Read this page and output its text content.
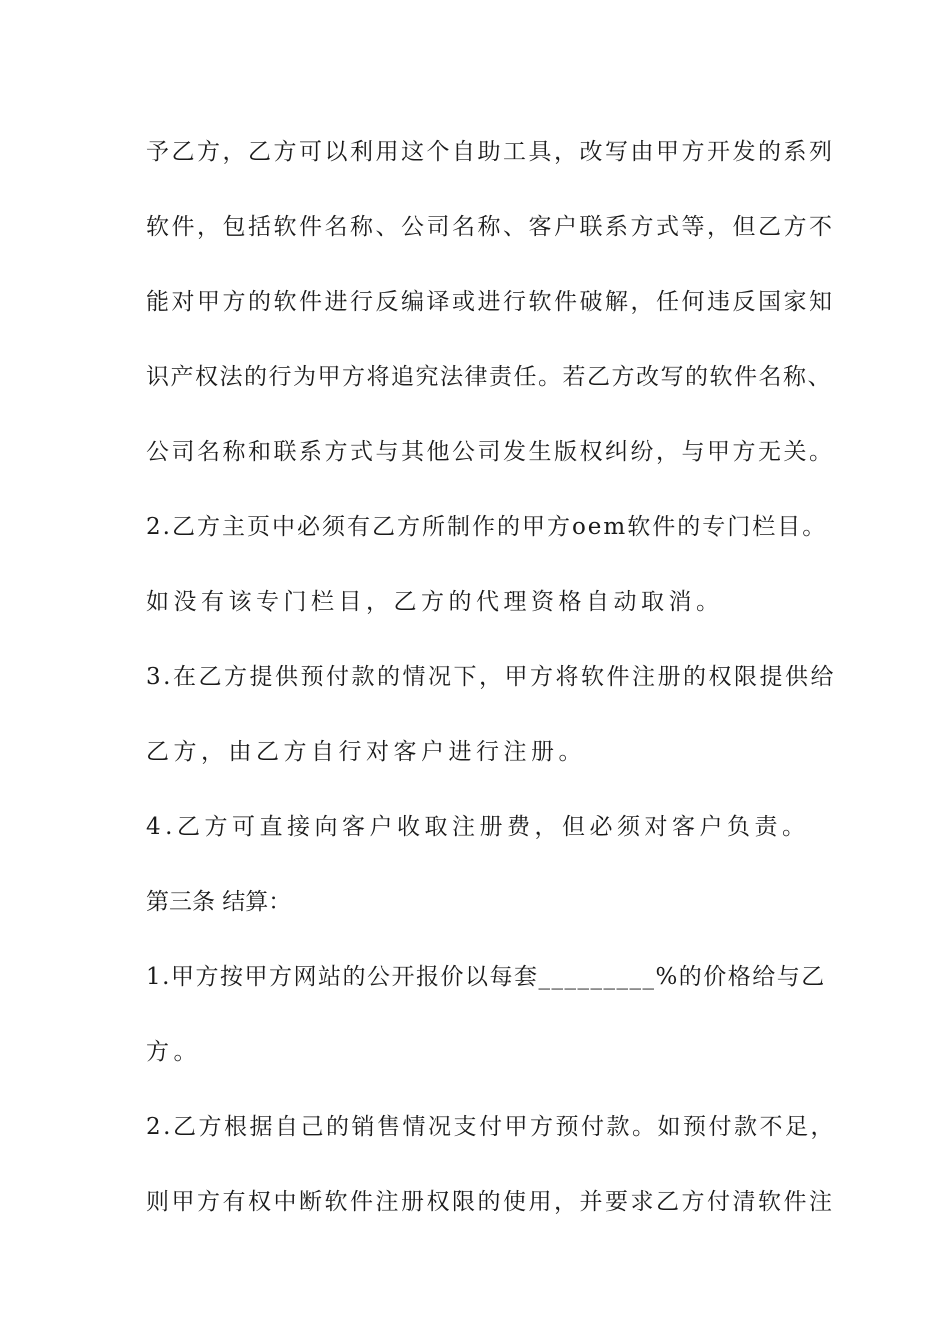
予乙方，乙方可以利用这个自助工具，改写由甲方开发的系列

软件，包括软件名称、公司名称、客户联系方式等，但乙方不

能对甲方的软件进行反编译或进行软件破解，任何违反国家知

识产权法的行为甲方将追究法律责任。若乙方改写的软件名称、

公司名称和联系方式与其他公司发生版权纠纷，与甲方无关。

2.乙方主页中必须有乙方所制作的甲方oem软件的专门栏目。

如没有该专门栏目，乙方的代理资格自动取消。

3.在乙方提供预付款的情况下，甲方将软件注册的权限提供给

乙方，由乙方自行对客户进行注册。

4.乙方可直接向客户收取注册费，但必须对客户负责。

第三条 结算：

1.甲方按甲方网站的公开报价以每套_________%的价格给与乙

方。

2.乙方根据自己的销售情况支付甲方预付款。如预付款不足，

则甲方有权中断软件注册权限的使用，并要求乙方付清软件注
